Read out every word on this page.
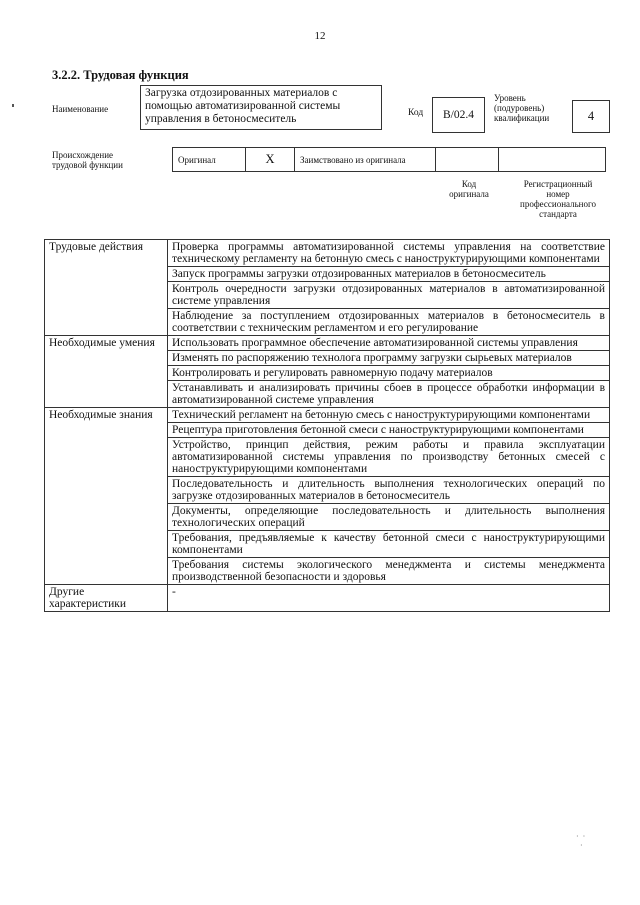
12
3.2.2. Трудовая функция
Наименование
Загрузка отдозированных материалов с помощью автоматизированной системы управления в бетоносмеситель	Код	B/02.4
Уровень
(подуровень)
квалификации	4
Происхождение
трудовой функции
Оригинал	X	Заимствовано из оригинала		
Код
оригинала
Регистрационный
номер
профессионального
стандарта
Трудовые действия	Проверка программы автоматизированной системы управления на соответствие техническому регламенту на бетонную смесь с наноструктурирующими компонентами
	Запуск программы загрузки отдозированных материалов в бетоносмеситель
	Контроль очередности загрузки отдозированных материалов в автоматизированной системе управления
	Наблюдение за поступлением отдозированных материалов в бетоносмеситель в соответствии с техническим регламентом и его регулирование
Необходимые умения	Использовать программное обеспечение автоматизированной системы управления
	Изменять по распоряжению технолога программу загрузки сырьевых материалов
	Контролировать и регулировать равномерную подачу материалов
	Устанавливать и анализировать причины сбоев в процессе обработки информации в автоматизированной системе управления
Необходимые знания	Технический регламент на бетонную смесь с наноструктурирующими компонентами
	Рецептура приготовления бетонной смеси с наноструктурирующими компонентами
	Устройство, принцип действия, режим работы и правила эксплуатации автоматизированной системы управления по производству бетонных смесей с наноструктурирующими компонентами
	Последовательность и длительность выполнения технологических операций по загрузке отдозированных материалов в бетоносмеситель
	Документы, определяющие последовательность и длительность выполнения технологических операций
	Требования, предъявляемые к качеству бетонной смеси с наноструктурирующими компонентами
	Требования системы экологического менеджмента и системы менеджмента производственной безопасности и здоровья
Другие характеристики	-
·  ·
·
